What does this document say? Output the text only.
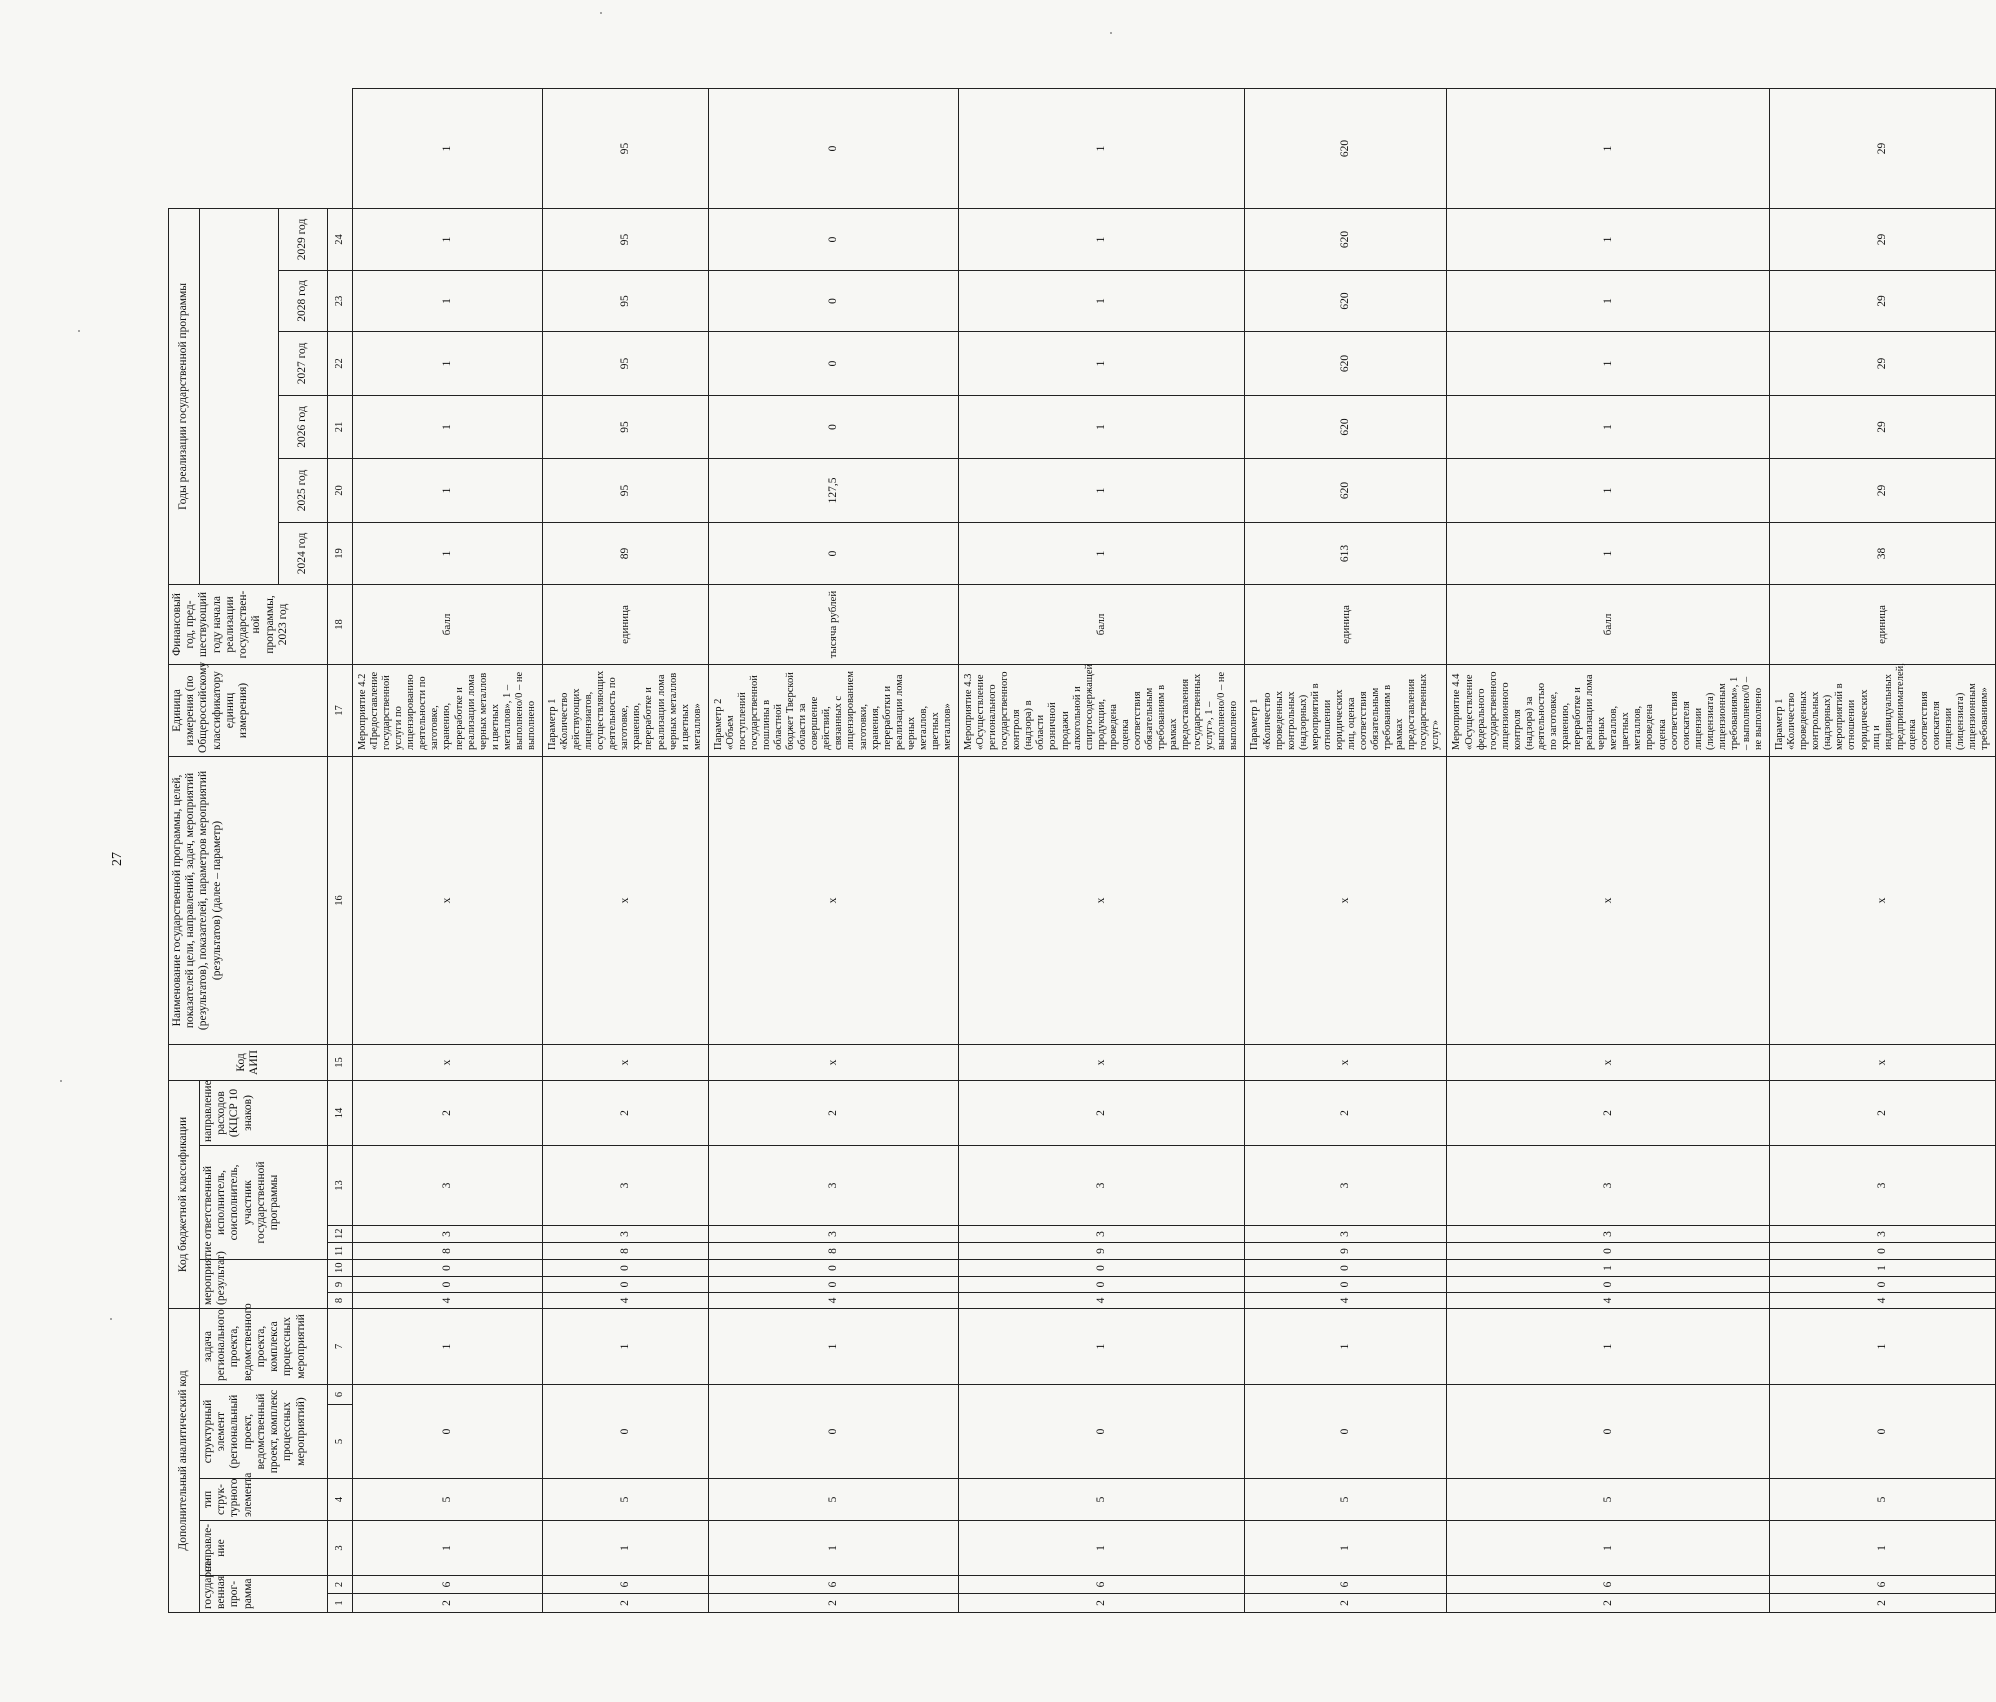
27
Дополнительный аналитический код							Код бюджетной классификации							Код АИП	Наименование государственной программы, целей, показателей цели, направлений, задач, мероприятий (результатов), показателей, параметров мероприятий (результатов) (далее – параметр)	Единица измерения (по Общероссийскому классификатору единиц измерения)	Финансовый год, пред-шествующий году начала реализации государствен-ной программы, 2023 год	Годы реализации государственной программы						
государст-венная прог-рамма		направле-ние	тип струк-турного элемента	структурный элемент (региональный проект, ведомственный проект, комплекс процессных мероприятий)		задача регионального проекта, ведомственного проекта, комплекса процессных мероприятий	мероприятие (результат)			ответственный исполнитель, соисполнитель, участник государственной программы			направление расходов (КЦСР 10 знаков)											
																		2024 год	2025 год	2026 год	2027 год	2028 год	2029 год	
1	2	3	4	5	6	7	8	9	10	11	12	13	14	15	16	17	18	19	20	21	22	23	24	
2	6	1	5	0		1	4	0	0	8	3	3	2	x	x	Мероприятие 4.2 «Предоставление государственной услуги по лицензированию деятельности по заготовке, хранению, переработке и реализации лома черных металлов и цветных металлов», 1 – выполнено/0 – не выполнено	балл	1	1	1	1	1	1	1
2	6	1	5	0		1	4	0	0	8	3	3	2	x	x	Параметр 1 «Количество действующих лицензиатов, осуществляющих деятельность по заготовке, хранению, переработке и реализации лома черных металлов и цветных металлов»	единица	89	95	95	95	95	95	95
2	6	1	5	0		1	4	0	0	8	3	3	2	x	x	Параметр 2 «Объем поступлений государственной пошлины в областной бюджет Тверской области за совершение действий, связанных с лицензированием заготовки, хранения, переработки и реализации лома черных металлов, цветных металлов»	тысяча рублей	0	127,5	0	0	0	0	0
2	6	1	5	0		1	4	0	0	9	3	3	2	x	x	Мероприятие 4.3 «Осуществление регионального государственного контроля (надзора) в области розничной продажи алкогольной и спиртосодержащей продукции, проведена оценка соответствия обязательным требованиям в рамках предоставления государственных услуг», 1 – выполнено/0 – не выполнено	балл	1	1	1	1	1	1	1
2	6	1	5	0		1	4	0	0	9	3	3	2	x	x	Параметр 1 «Количество проведенных контрольных (надзорных) мероприятий в отношении юридических лиц, оценка соответствия обязательным требованиям в рамках предоставления государственных услуг»	единица	613	620	620	620	620	620	620
2	6	1	5	0		1	4	0	1	0	3	3	2	x	x	Мероприятие 4.4 «Осуществление федерального государственного лицензионного контроля (надзора) за деятельностью по заготовке, хранению, переработке и реализации лома черных металлов, цветных металлов, проведена оценка соответствия соискателя лицензии (лицензиата) лицензионным требованиям», 1 – выполнено/0 – не выполнено	балл	1	1	1	1	1	1	1
2	6	1	5	0		1	4	0	1	0	3	3	2	x	x	Параметр 1 «Количество проведенных контрольных (надзорных) мероприятий в отношении юридических лиц и индивидуальных предпринимателей, оценка соответствия соискателя лицензии (лицензиата) лицензионным требованиям»	единица	38	29	29	29	29	29	29
